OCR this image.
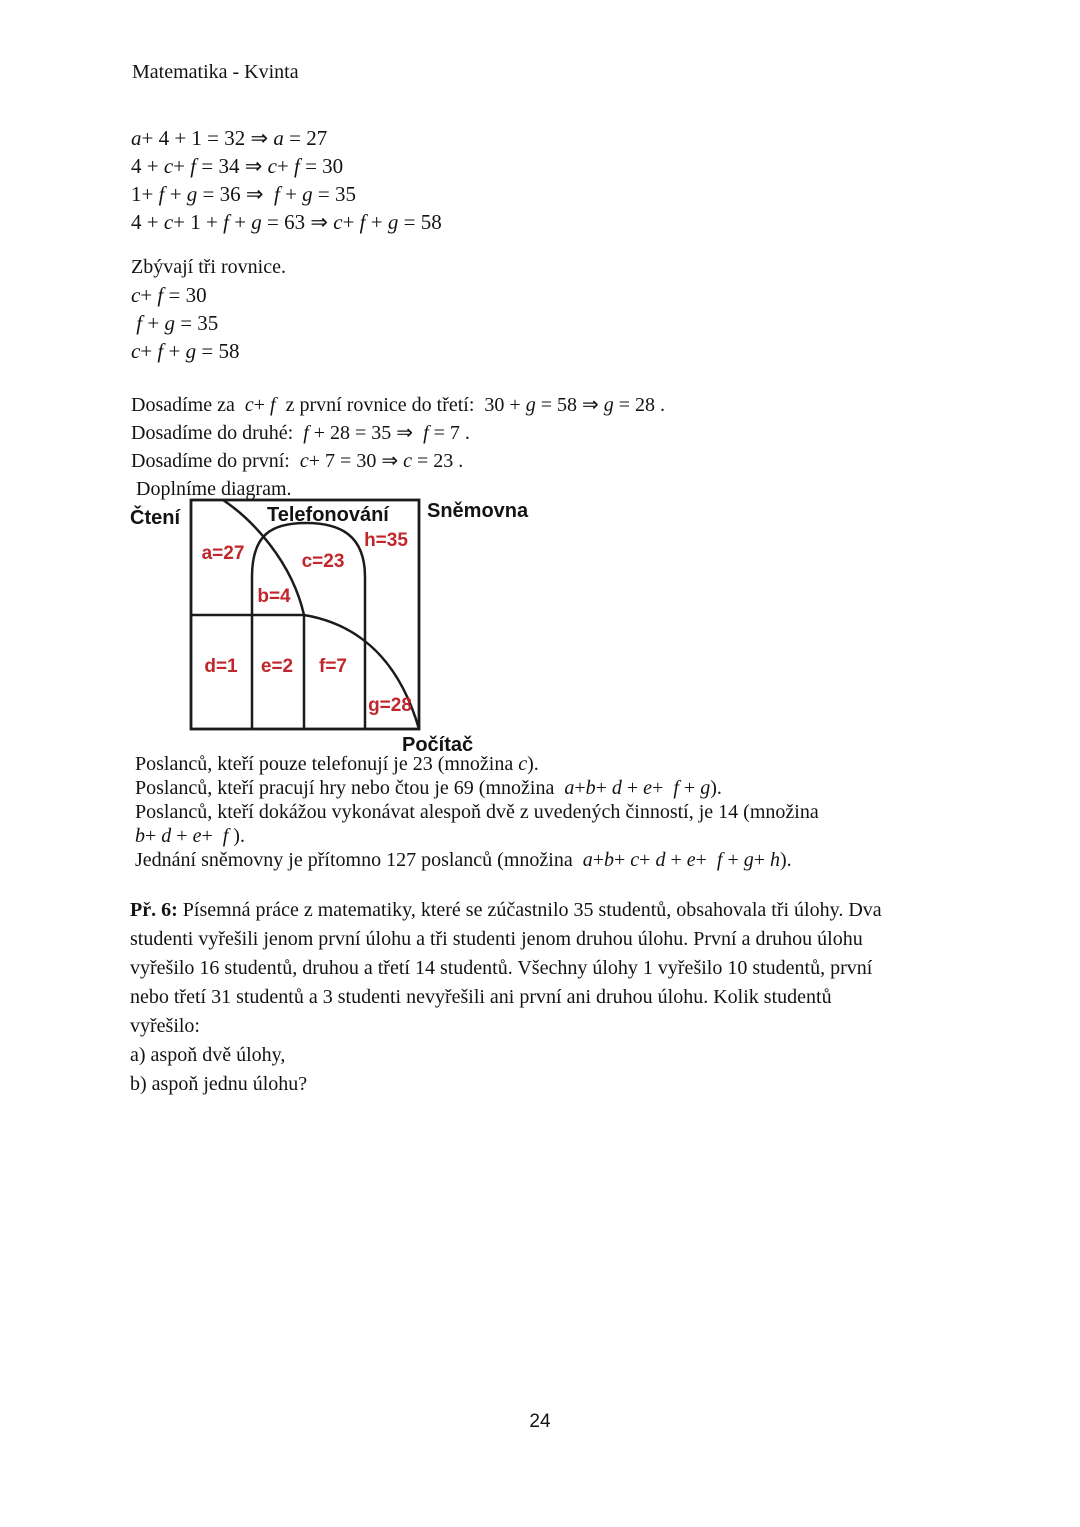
Matematika - Kvinta
a+ 4 + 1 = 32 ⇒ a = 27
4 + c+ f = 34 ⇒ c+ f = 30
1+ f + g = 36 ⇒  f + g = 35
4 + c+ 1 + f + g = 63 ⇒ c+ f + g = 58
Zbývají tři rovnice.
c+ f = 30
f + g = 35
c+ f + g = 58
Dosadíme za  c+ f  z první rovnice do třetí:  30 + g = 58 ⇒ g = 28 .
Dosadíme do druhé:  f + 28 = 35 ⇒  f = 7 .
Dosadíme do první:  c+ 7 = 30 ⇒ c = 23 .
Doplníme diagram.
Čtení	Telefonování Sněmovna
Počítač
a=27	c=23
h=35
b=4
d=1 e=2 f=7
g=28
Poslanců, kteří pouze telefonují je 23 (množina c).
Poslanců, kteří pracují hry nebo čtou je 69 (množina  a+b+ d + e+  f + g).
Poslanců, kteří dokážou vykonávat alespoň dvě z uvedených činností, je 14 (množina
b+ d + e+  f ).
Jednání sněmovny je přítomno 127 poslanců (množina  a+b+ c+ d + e+  f + g+ h).
Př. 6: Písemná práce z matematiky, které se zúčastnilo 35 studentů, obsahovala tři úlohy. Dva
studenti vyřešili jenom první úlohu a tři studenti jenom druhou úlohu. První a druhou úlohu
vyřešilo 16 studentů, druhou a třetí 14 studentů. Všechny úlohy 1 vyřešilo 10 studentů, první
nebo třetí 31 studentů a 3 studenti nevyřešili ani první ani druhou úlohu. Kolik studentů
vyřešilo:
a) aspoň dvě úlohy,
b) aspoň jednu úlohu?
24
